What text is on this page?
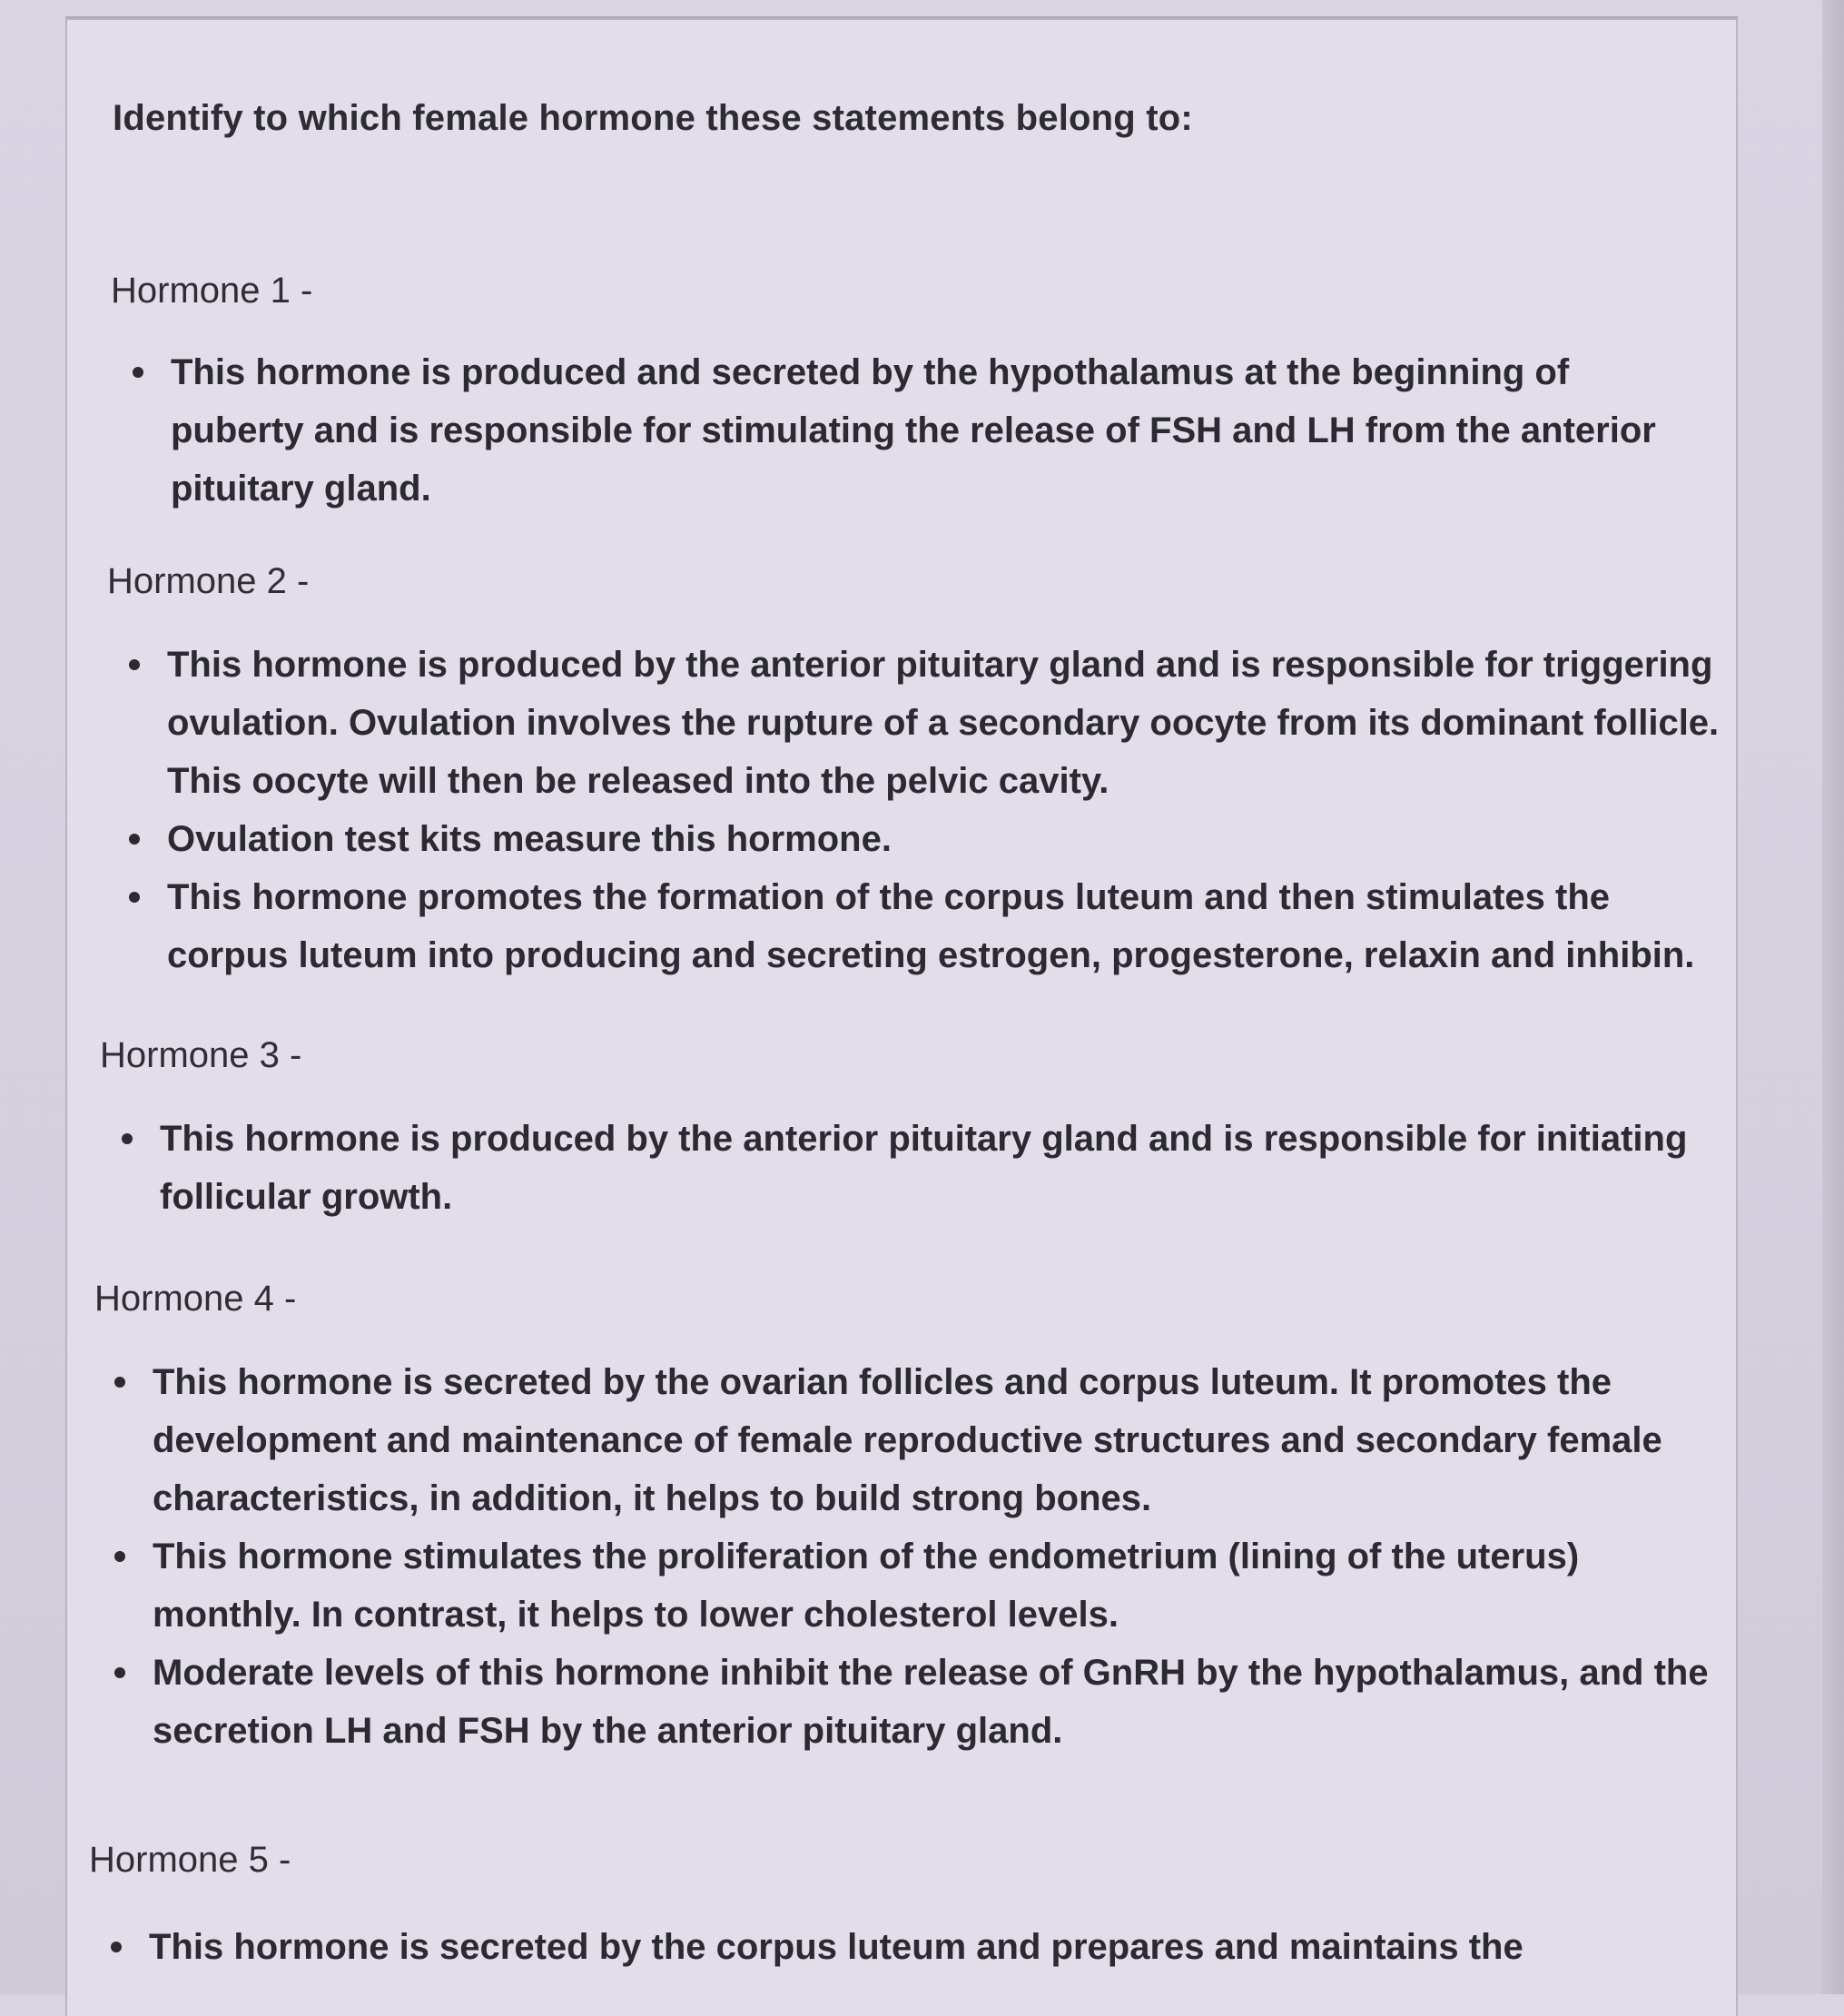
Identify to which female hormone these statements belong to:
Hormone 1 -
This hormone is produced and secreted by the hypothalamus at the beginning of puberty and is responsible for stimulating the release of FSH and LH from the anterior pituitary gland.
Hormone 2 -
This hormone is produced by the anterior pituitary gland and is responsible for triggering ovulation. Ovulation involves the rupture of a secondary oocyte from its dominant follicle. This oocyte will then be released into the pelvic cavity.
Ovulation test kits measure this hormone.
This hormone promotes the formation of the corpus luteum and then stimulates the corpus luteum into producing and secreting estrogen, progesterone, relaxin and inhibin.
Hormone 3 -
This hormone is produced by the anterior pituitary gland and is responsible for initiating follicular growth.
Hormone 4 -
This hormone is secreted by the ovarian follicles and corpus luteum. It promotes the development and maintenance of female reproductive structures and secondary female characteristics, in addition, it helps to build strong bones.
This hormone stimulates the proliferation of the endometrium (lining of the uterus) monthly. In contrast, it helps to lower cholesterol levels.
Moderate levels of this hormone inhibit the release of GnRH by the hypothalamus, and the secretion LH and FSH by the anterior pituitary gland.
Hormone 5 -
This hormone is secreted by the corpus luteum and prepares and maintains the
